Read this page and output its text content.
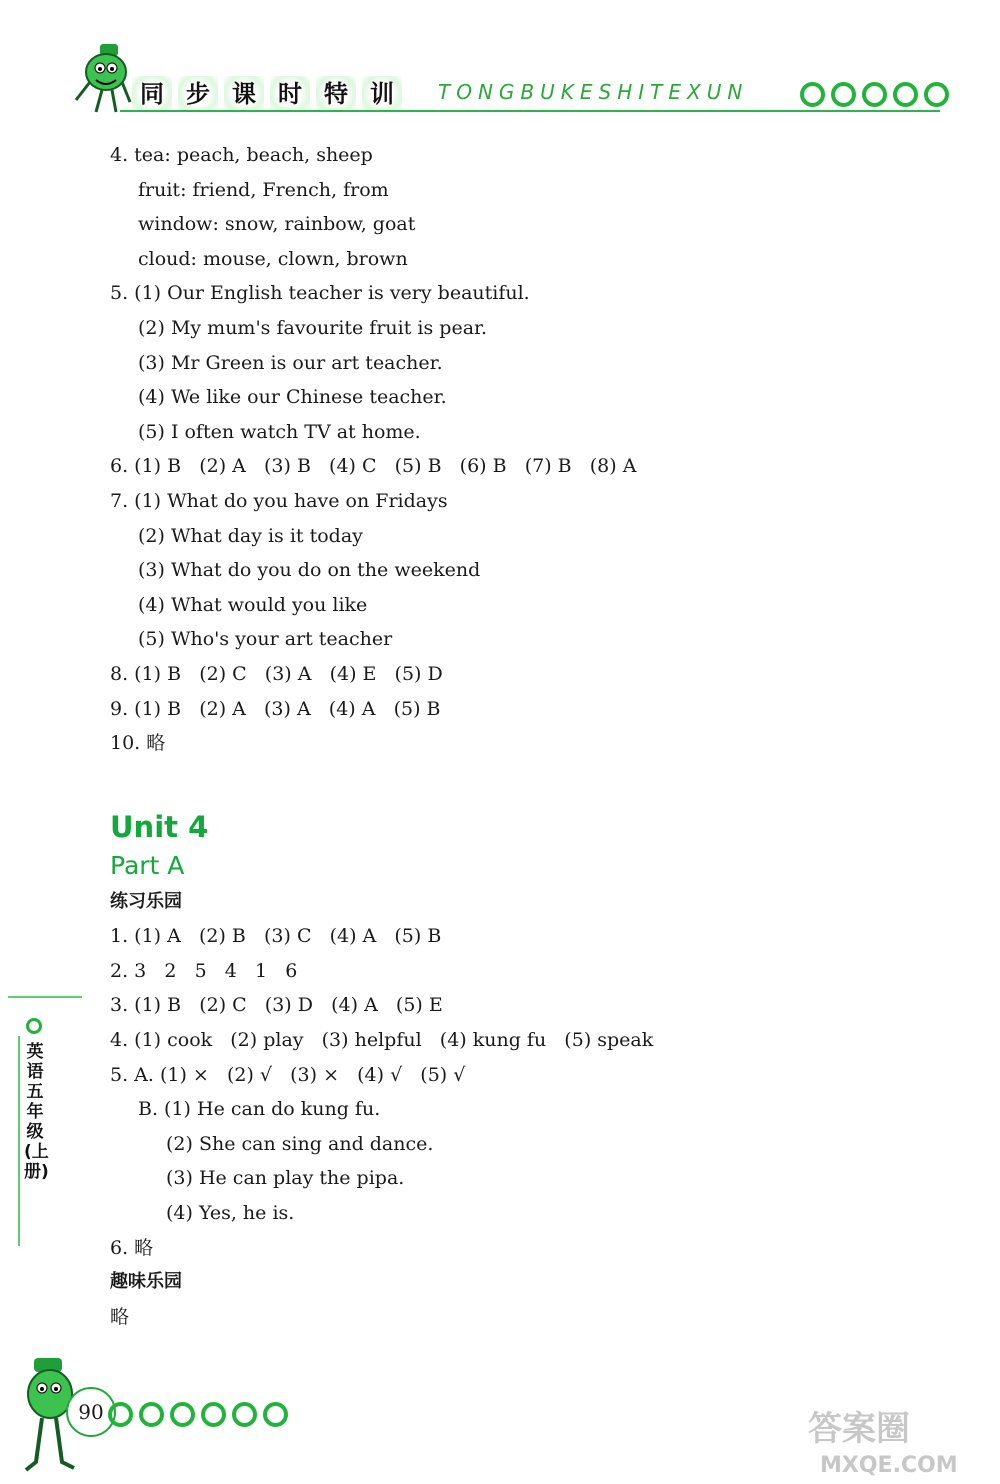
同 步 课 时 特 训	TONGBUKESHITEXUN
4. tea: peach, beach, sheep
fruit: friend, French, from
window: snow, rainbow, goat
cloud: mouse, clown, brown
5. (1) Our English teacher is very beautiful.
(2) My mum's favourite fruit is pear.
(3) Mr Green is our art teacher.
(4) We like our Chinese teacher.
(5) I often watch TV at home.
6. (1) B   (2) A   (3) B   (4) C   (5) B   (6) B   (7) B   (8) A
7. (1) What do you have on Fridays
(2) What day is it today
(3) What do you do on the weekend
(4) What would you like
(5) Who's your art teacher
8. (1) B   (2) C   (3) A   (4) E   (5) D
9. (1) B   (2) A   (3) A   (4) A   (5) B
10. 略
Unit 4
Part A
练习乐园
1. (1) A   (2) B   (3) C   (4) A   (5) B
2. 3   2   5   4   1   6
3. (1) B   (2) C   (3) D   (4) A   (5) E
4. (1) cook   (2) play   (3) helpful   (4) kung fu   (5) speak
5. A. (1) ×   (2) √   (3) ×   (4) √   (5) √
B. (1) He can do kung fu.
(2) She can sing and dance.
(3) He can play the pipa.
(4) Yes, he is.
6. 略
趣味乐园
略
英语 五年级(上册)
90	答案圈
MXQE.COM
